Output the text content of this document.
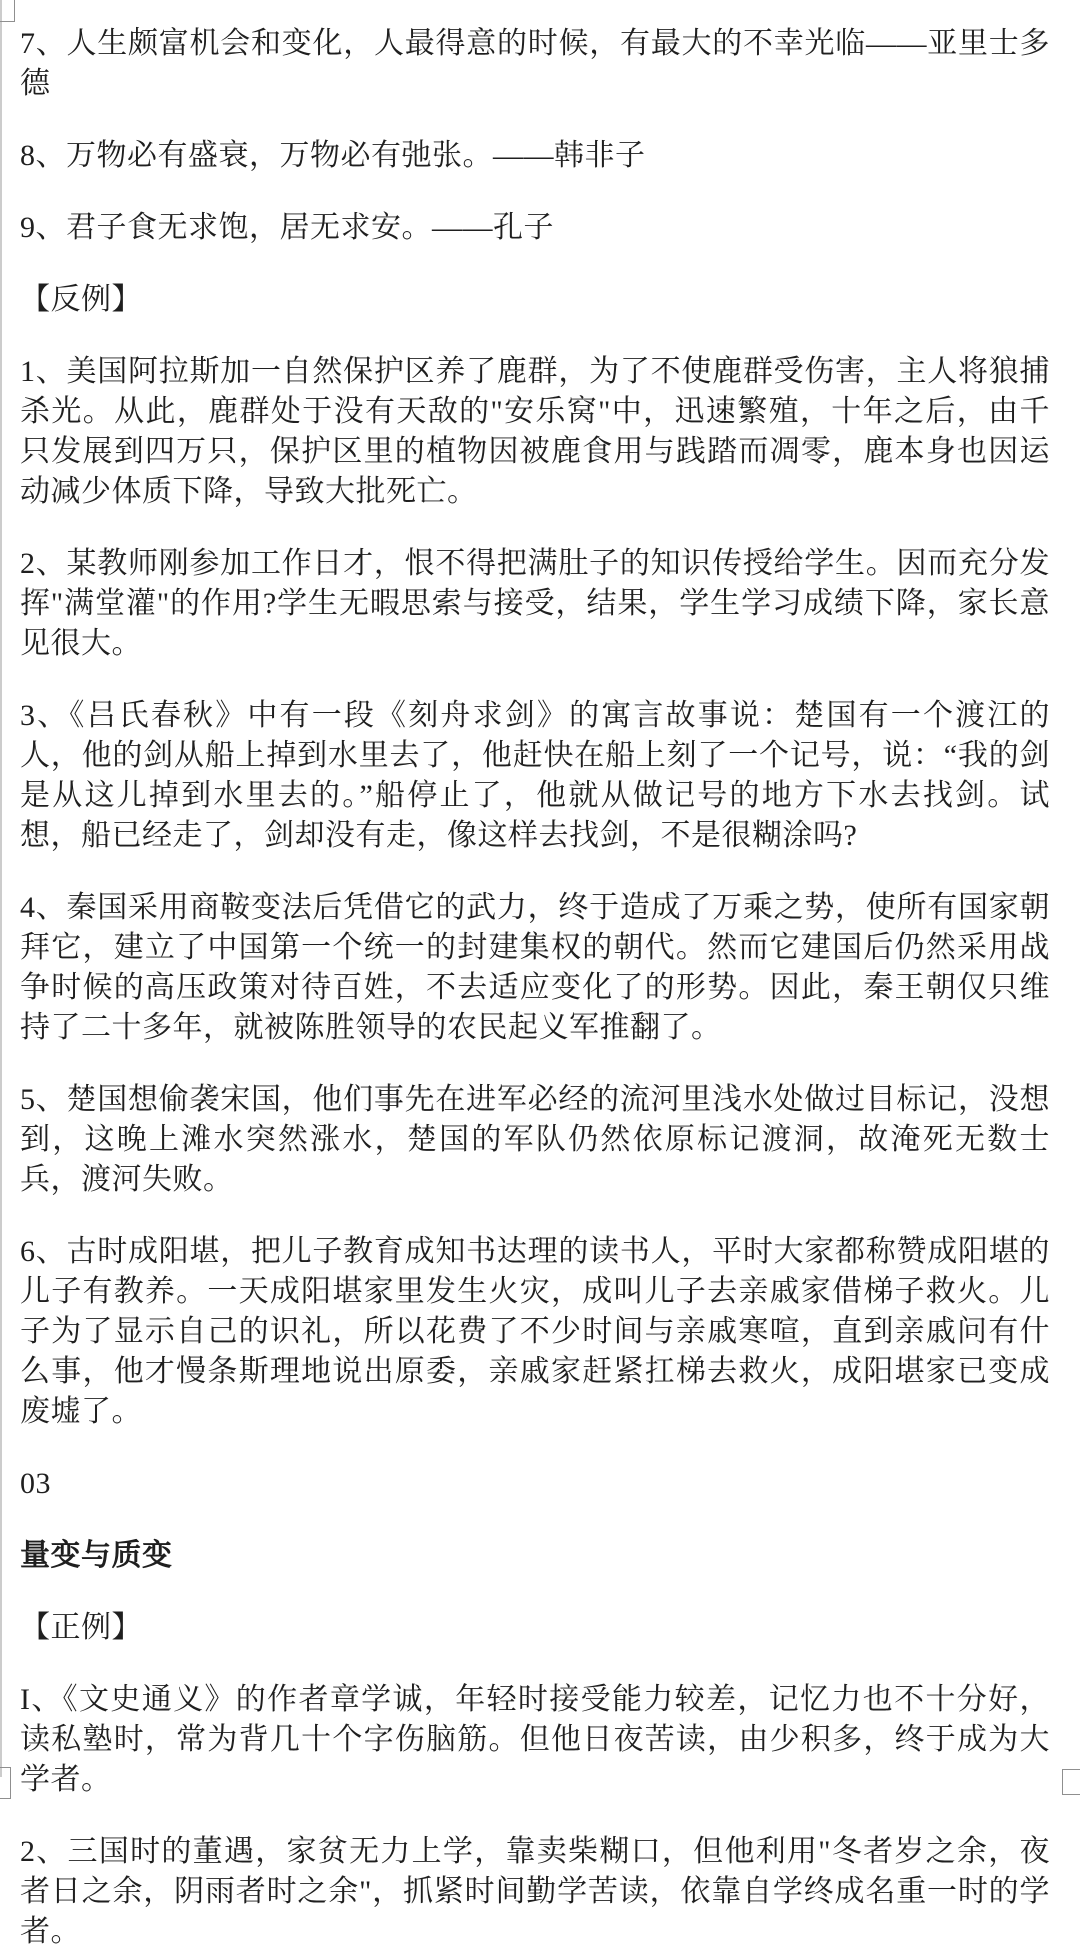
7、人生颇富机会和变化，人最得意的时候，有最大的不幸光临——亚里士多德

8、万物必有盛衰，万物必有弛张。——韩非子

9、君子食无求饱，居无求安。——孔子

【反例】

1、美国阿拉斯加一自然保护区养了鹿群，为了不使鹿群受伤害，主人将狼捕杀光。从此，鹿群处于没有天敌的"安乐窝"中，迅速繁殖，十年之后，由千只发展到四万只，保护区里的植物因被鹿食用与践踏而凋零，鹿本身也因运动减少体质下降，导致大批死亡。

2、某教师刚参加工作日才，恨不得把满肚子的知识传授给学生。因而充分发挥"满堂灌"的作用?学生无暇思索与接受，结果，学生学习成绩下降，家长意见很大。

3、《吕氏春秋》中有一段《刻舟求剑》的寓言故事说：楚国有一个渡江的人，他的剑从船上掉到水里去了，他赶快在船上刻了一个记号，说：“我的剑是从这儿掉到水里去的。”船停止了，他就从做记号的地方下水去找剑。试想，船已经走了，剑却没有走，像这样去找剑，不是很糊涂吗?

4、秦国采用商鞍变法后凭借它的武力，终于造成了万乘之势，使所有国家朝拜它，建立了中国第一个统一的封建集权的朝代。然而它建国后仍然采用战争时候的高压政策对待百姓，不去适应变化了的形势。因此，秦王朝仅只维持了二十多年，就被陈胜领导的农民起义军推翻了。

5、楚国想偷袭宋国，他们事先在进军必经的流河里浅水处做过目标记，没想到，这晚上滩水突然涨水，楚国的军队仍然依原标记渡洞，故淹死无数士兵，渡河失败。

6、古时成阳堪，把儿子教育成知书达理的读书人，平时大家都称赞成阳堪的儿子有教养。一天成阳堪家里发生火灾，成叫儿子去亲戚家借梯子救火。儿子为了显示自己的识礼，所以花费了不少时间与亲戚寒喧，直到亲戚问有什么事，他才慢条斯理地说出原委，亲戚家赶紧扛梯去救火，成阳堪家已变成废墟了。

03

量变与质变

【正例】

I、《文史通义》的作者章学诚，年轻时接受能力较差，记忆力也不十分好，读私塾时，常为背几十个字伤脑筋。但他日夜苦读，由少积多，终于成为大学者。

2、三国时的董遇，家贫无力上学，靠卖柴糊口，但他利用"冬者岁之余，夜者日之余，阴雨者时之余"，抓紧时间勤学苦读，依靠自学终成名重一时的学者。
